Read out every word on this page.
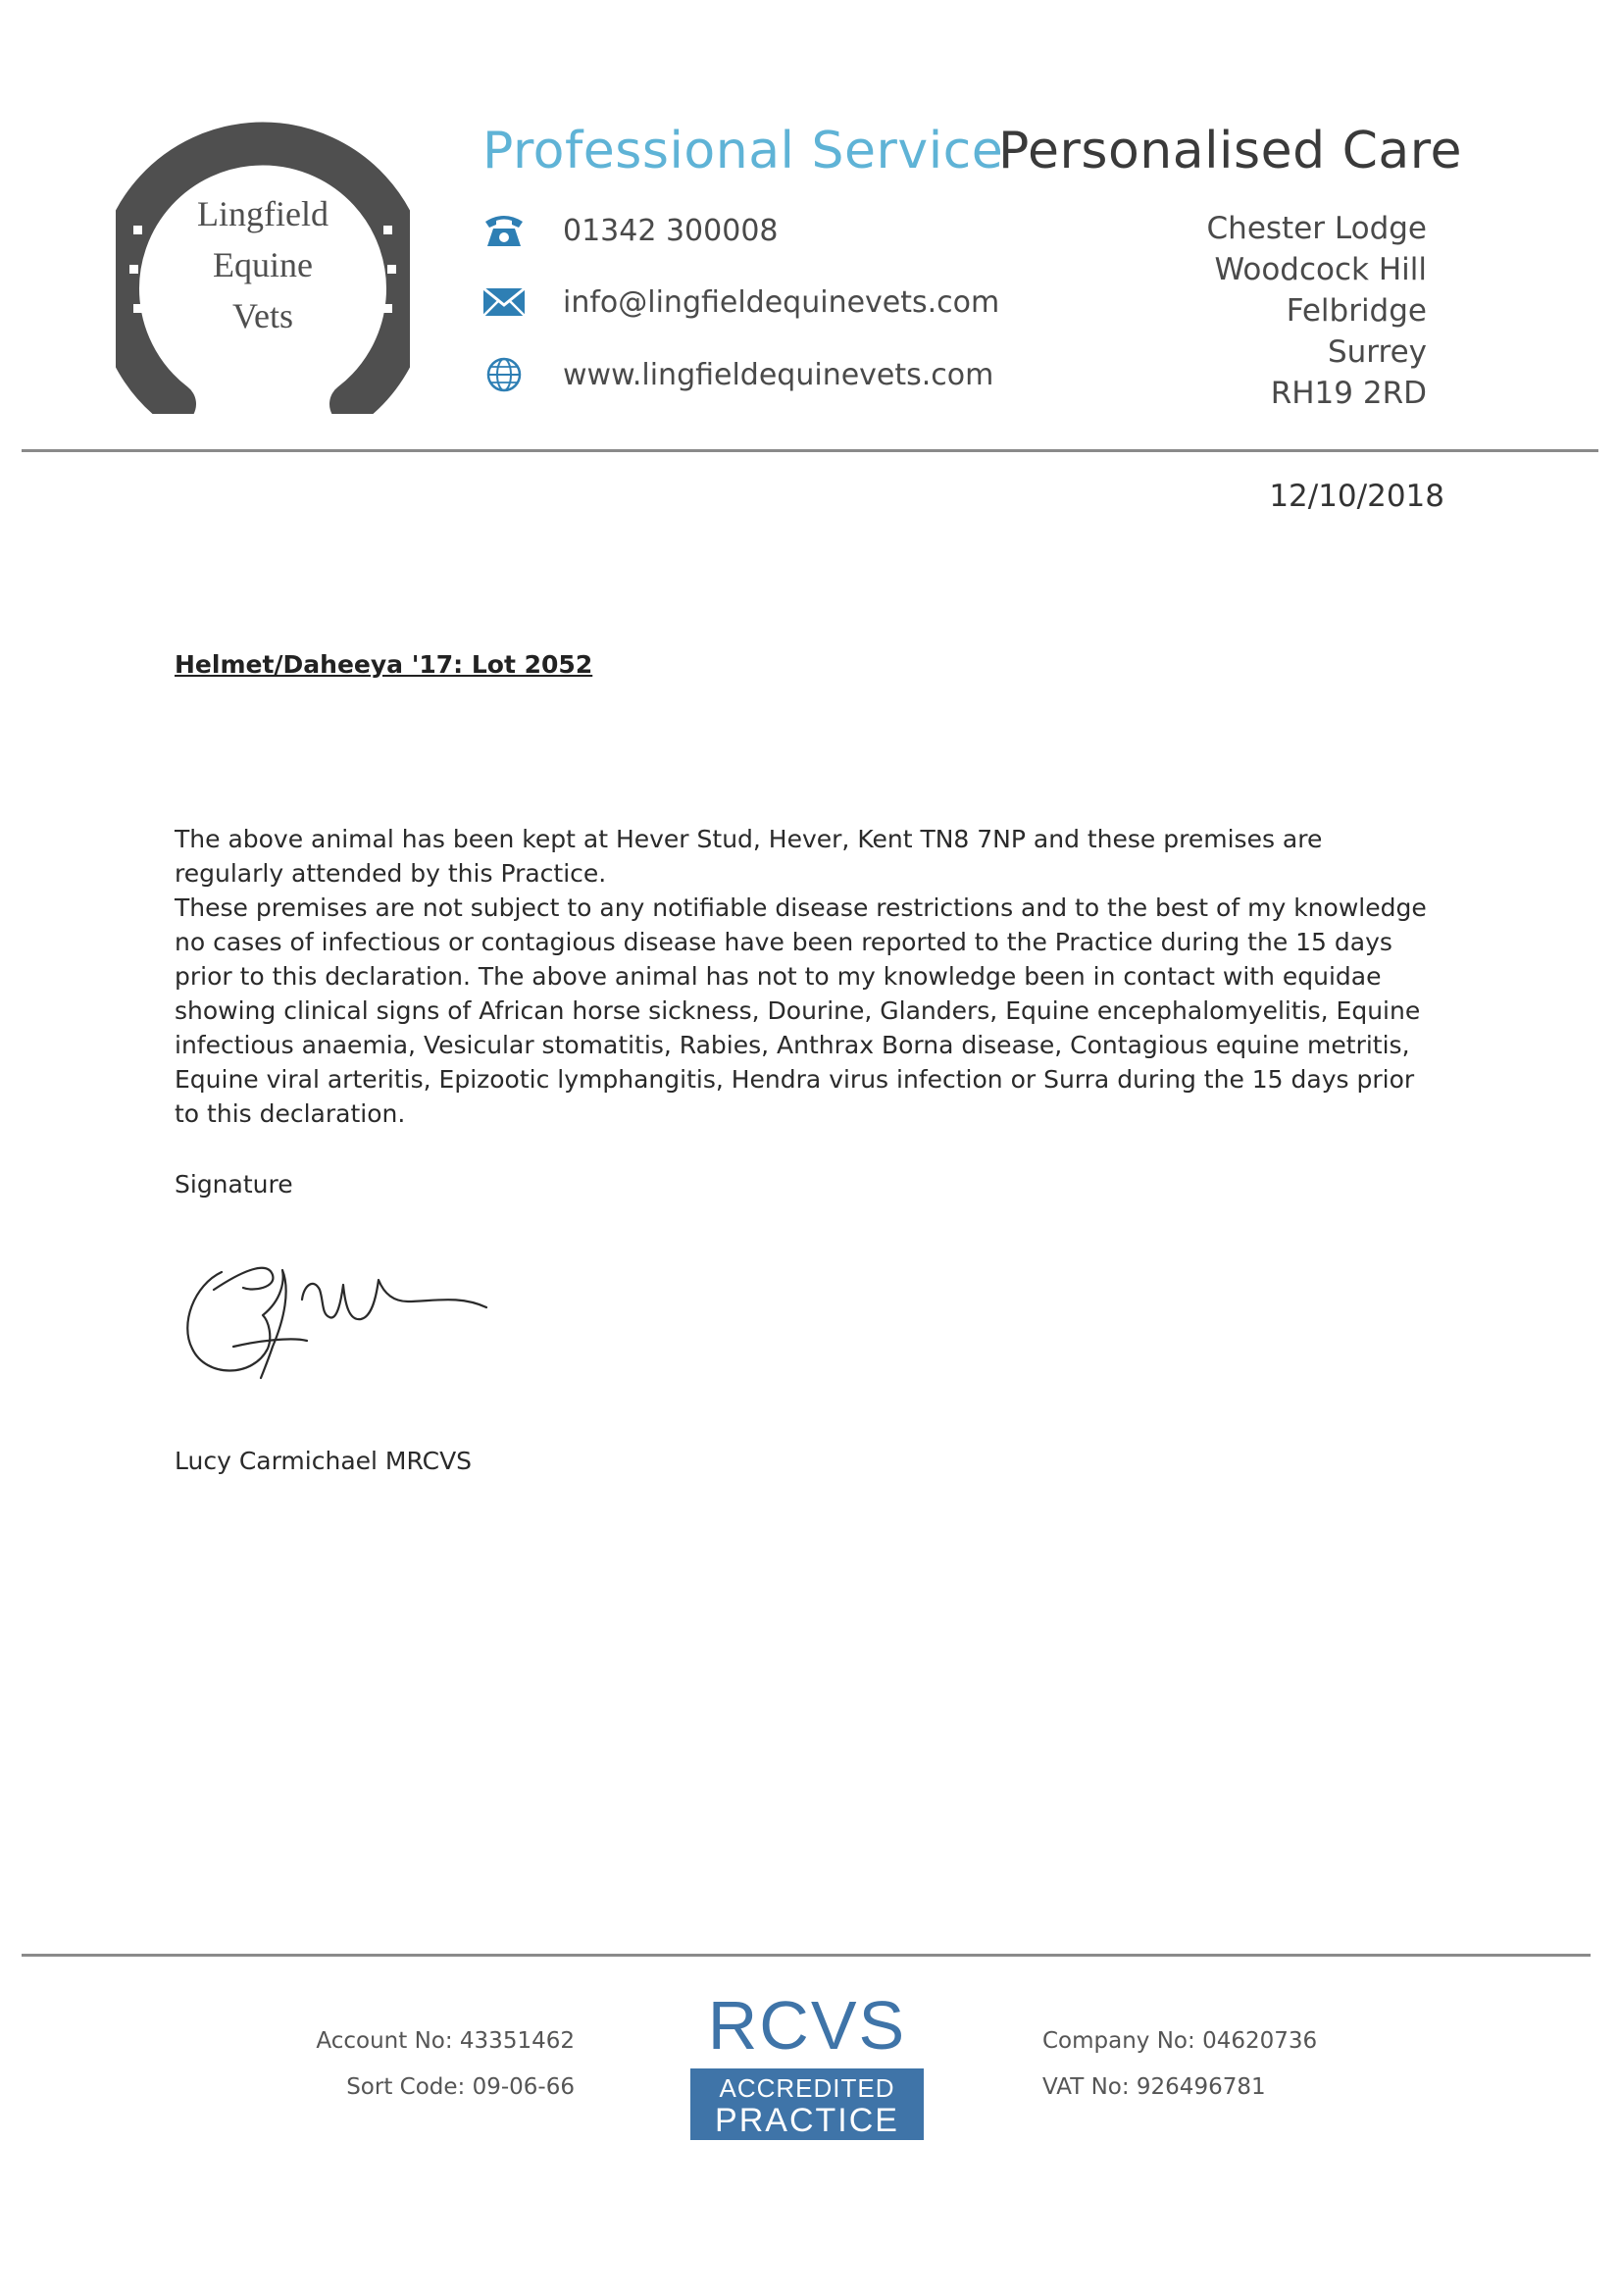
Lingfield
Equine
Vets
Professional Service
Personalised Care
01342 300008
info@lingfieldequinevets.com
www.lingfieldequinevets.com
Chester Lodge
Woodcock Hill
Felbridge
Surrey
RH19 2RD
12/10/2018
Helmet/Daheeya '17: Lot 2052

The above animal has been kept at Hever Stud, Hever, Kent TN8 7NP and these premises are

regularly attended by this Practice.

These premises are not subject to any notifiable disease restrictions and to the best of my knowledge

no cases of infectious or contagious disease have been reported to the Practice during the 15 days

prior to this declaration. The above animal has not to my knowledge been in contact with equidae

showing clinical signs of African horse sickness, Dourine, Glanders, Equine encephalomyelitis, Equine

infectious anaemia, Vesicular stomatitis, Rabies, Anthrax Borna disease, Contagious equine metritis,

Equine viral arteritis, Epizootic lymphangitis, Hendra virus infection or Surra during the 15 days prior

to this declaration.

Signature
Lucy Carmichael MRCVS
Account No: 43351462
Sort Code: 09-06-66
RCVS
ACCREDITED
PRACTICE
Company No: 04620736
VAT No: 926496781
